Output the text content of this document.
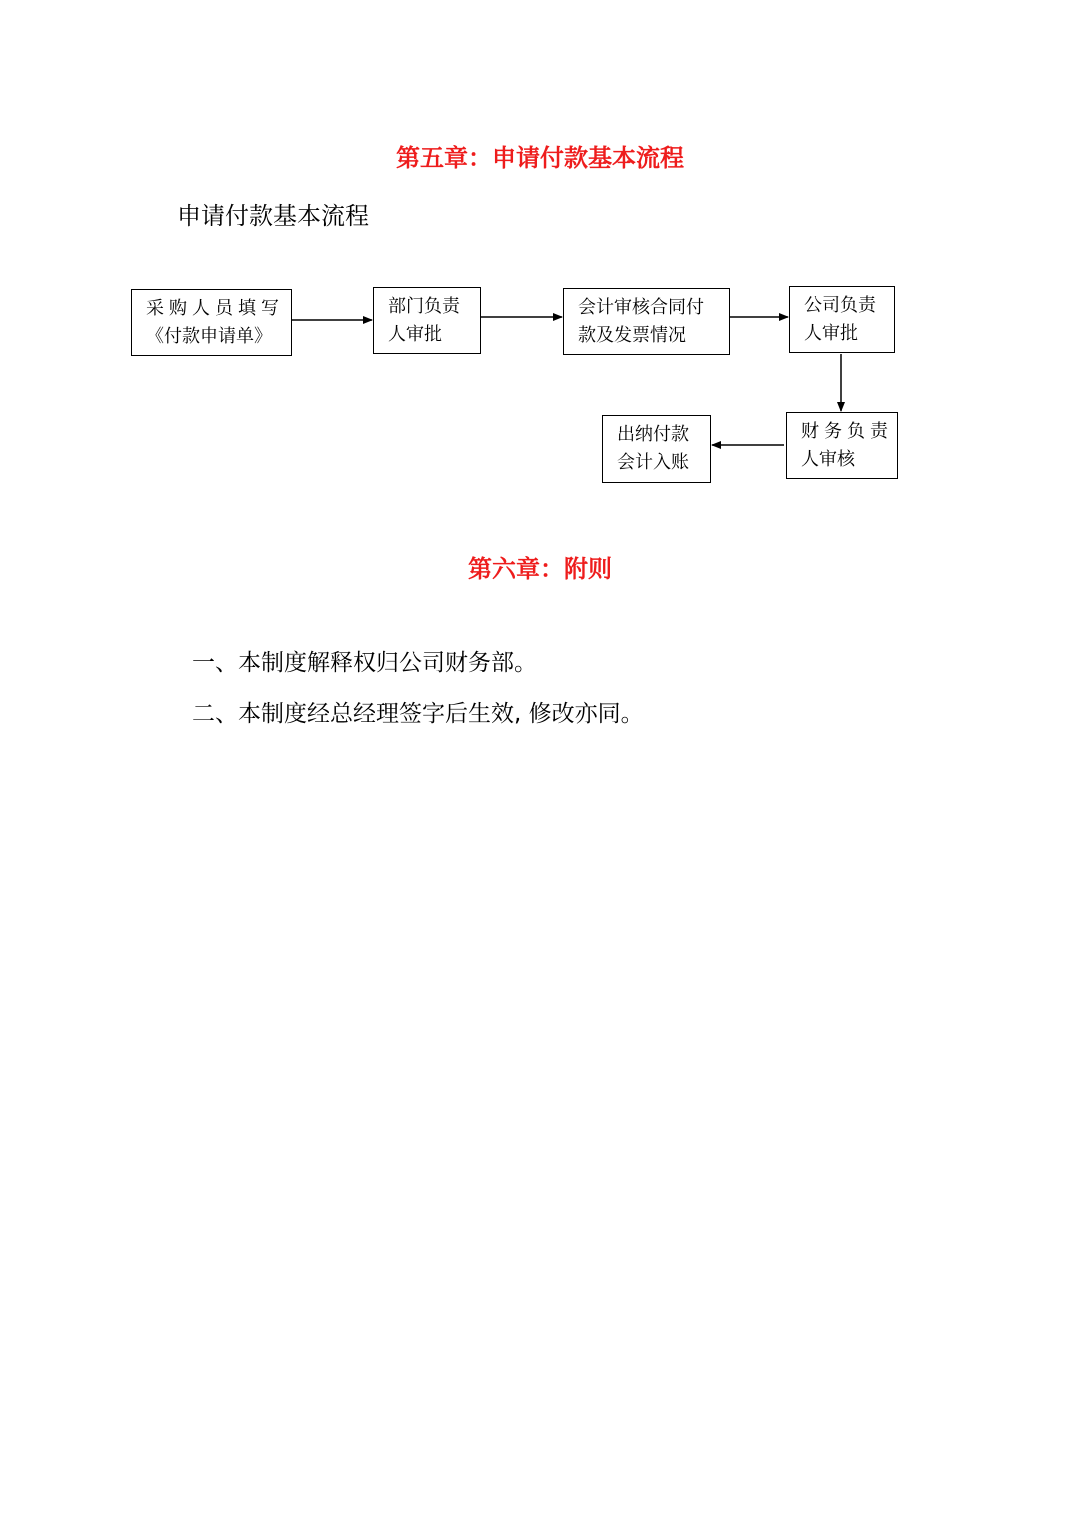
第五章：申请付款基本流程
申请付款基本流程
采购人员填写
《付款申请单》
部门负责
人审批
会计审核合同付
款及发票情况
公司负责
人审批
财务负责
人审核
出纳付款
会计入账
第六章：附则

一、本制度解释权归公司财务部。

二、本制度经总经理签字后生效, 修改亦同。
